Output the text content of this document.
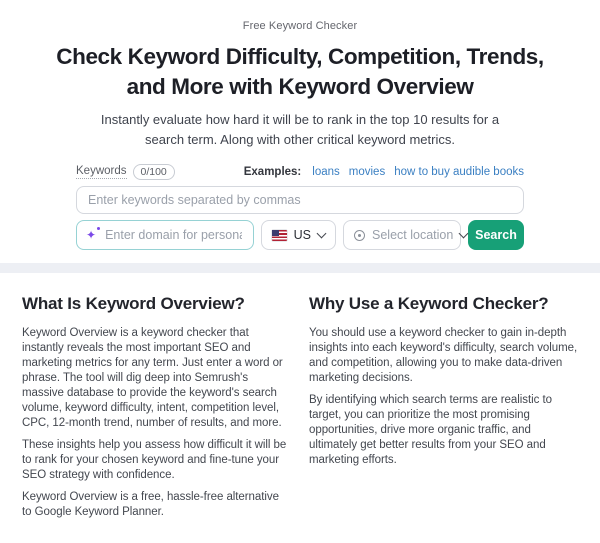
Free Keyword Checker
Check Keyword Difficulty, Competition, Trends,
and More with Keyword Overview
Instantly evaluate how hard it will be to rank in the top 10 results for a
search term. Along with other critical keyword metrics.
Keywords	0/100	Examples: loans movies how to buy audible books
Enter keywords separated by commas
✦
Enter domain for personalized data	US	Select location	Search
What Is Keyword Overview?

Keyword Overview is a keyword checker that instantly reveals the most important SEO and marketing metrics for any term. Just enter a word or phrase. The tool will dig deep into Semrush's massive database to provide the keyword's search volume, keyword difficulty, intent, competition level, CPC, 12-month trend, number of results, and more.

These insights help you assess how difficult it will be to rank for your chosen keyword and fine-tune your SEO strategy with confidence.

Keyword Overview is a free, hassle-free alternative to Google Keyword Planner.

Why Use a Keyword Checker?

You should use a keyword checker to gain in-depth insights into each keyword's difficulty, search volume, and competition, allowing you to make data-driven marketing decisions.

By identifying which search terms are realistic to target, you can prioritize the most promising opportunities, drive more organic traffic, and ultimately get better results from your SEO and marketing efforts.
